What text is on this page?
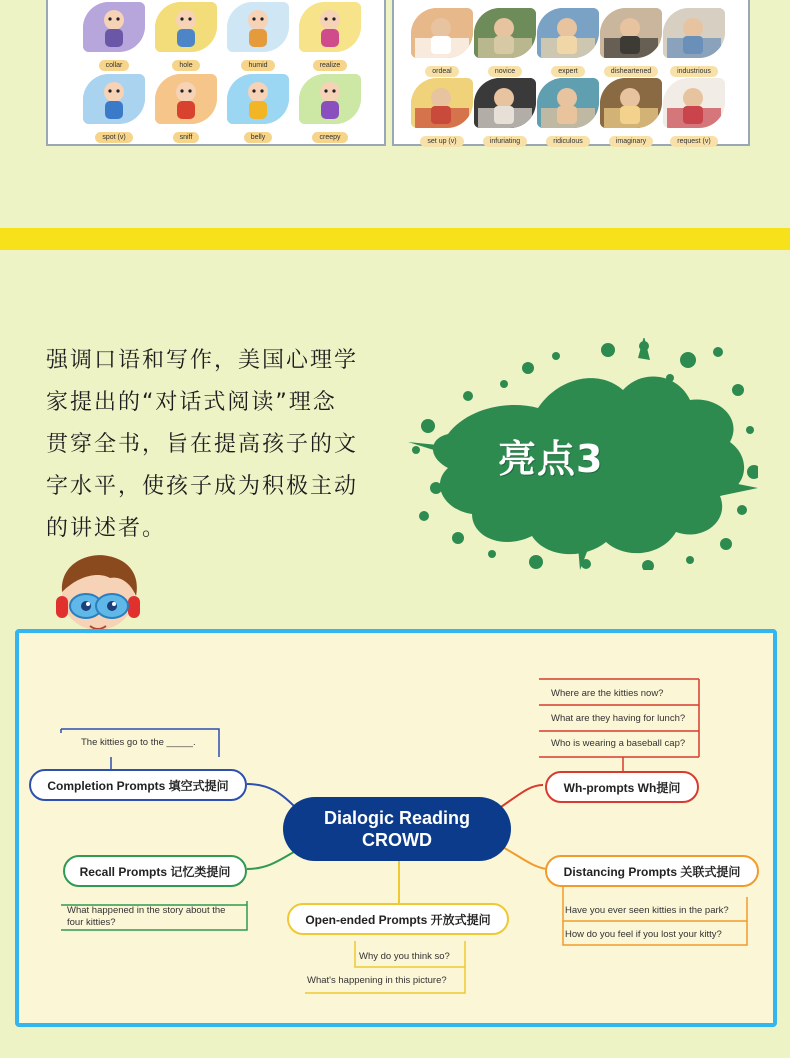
collar	hole	humid	realize
spot (v)	sniff	belly	creepy
ordeal	novice	expert	disheartened	industrious
set up (v)	infuriating	ridiculous	imaginary	request (v)
强调口语和写作，美国心理学
家提出的“对话式阅读”理念
贯穿全书，旨在提高孩子的文
字水平，使孩子成为积极主动
的讲述者。
亮点3
Dialogic Reading
CROWD
The kitties go to the _____.
Completion Prompts 填空式提问
Recall Prompts 记忆类提问
What happened in the story about the
four kitties?	Open-ended Prompts 开放式提问
Why do you think so?
What's happening in this picture?
Distancing Prompts 关联式提问
Have you ever seen kitties in the park?
How do you feel if you lost your kitty?
Where are the kitties now?
What are they having for lunch?
Who is wearing a baseball cap?
Wh-prompts Wh提问
